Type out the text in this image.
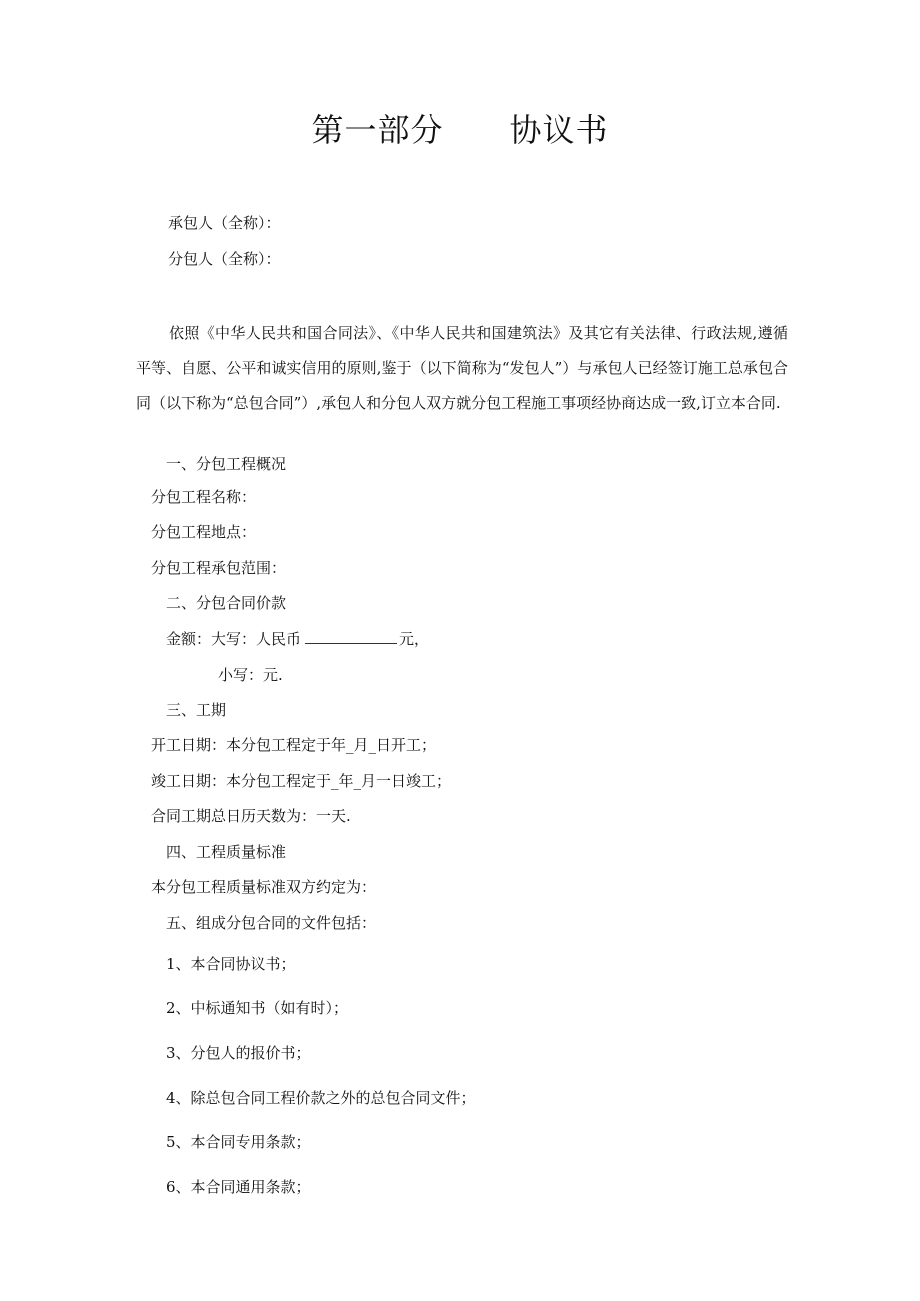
第一部分　　协议书
承包人（全称）：
分包人（全称）：
依照《中华人民共和国合同法》、《中华人民共和国建筑法》及其它有关法律、行政法规,遵循平等、自愿、公平和诚实信用的原则,鉴于（以下简称为“发包人”）与承包人已经签订施工总承包合同（以下称为“总包合同”）,承包人和分包人双方就分包工程施工事项经协商达成一致,订立本合同.
一、分包工程概况
分包工程名称：
分包工程地点：
分包工程承包范围：
二、分包合同价款
金额：大写：人民币	元，
小写：元.
三、工期
开工日期：本分包工程定于年_月_日开工；
竣工日期：本分包工程定于_年_月一日竣工；
合同工期总日历天数为：一天.
四、工程质量标准
本分包工程质量标准双方约定为：
五、组成分包合同的文件包括：
1、本合同协议书；
2、中标通知书（如有时）；
3、分包人的报价书；
4、除总包合同工程价款之外的总包合同文件；
5、本合同专用条款；
6、本合同通用条款；
